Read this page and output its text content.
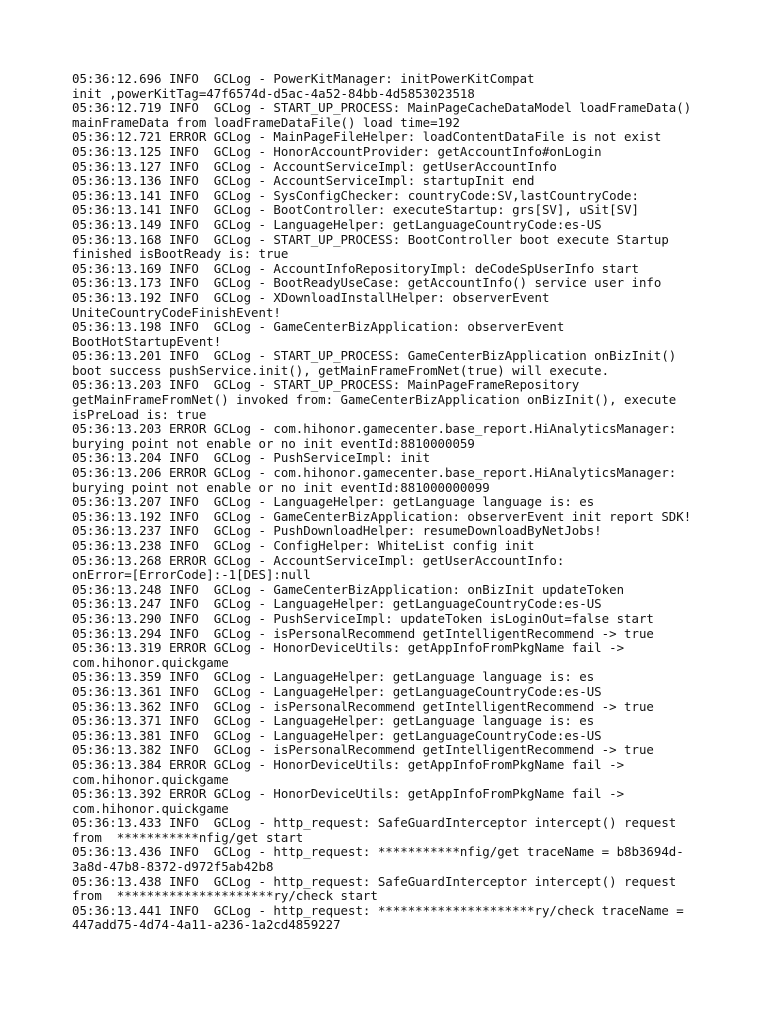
05:36:12.696 INFO  GCLog - PowerKitManager: initPowerKitCompat
init ,powerKitTag=47f6574d-d5ac-4a52-84bb-4d5853023518
05:36:12.719 INFO  GCLog - START_UP_PROCESS: MainPageCacheDataModel loadFrameData()
mainFrameData from loadFrameDataFile() load time=192
05:36:12.721 ERROR GCLog - MainPageFileHelper: loadContentDataFile is not exist
05:36:13.125 INFO  GCLog - HonorAccountProvider: getAccountInfo#onLogin
05:36:13.127 INFO  GCLog - AccountServiceImpl: getUserAccountInfo
05:36:13.136 INFO  GCLog - AccountServiceImpl: startupInit end
05:36:13.141 INFO  GCLog - SysConfigChecker: countryCode:SV,lastCountryCode:
05:36:13.141 INFO  GCLog - BootController: executeStartup: grs[SV], uSit[SV]
05:36:13.149 INFO  GCLog - LanguageHelper: getLanguageCountryCode:es-US
05:36:13.168 INFO  GCLog - START_UP_PROCESS: BootController boot execute Startup
finished isBootReady is: true
05:36:13.169 INFO  GCLog - AccountInfoRepositoryImpl: deCodeSpUserInfo start
05:36:13.173 INFO  GCLog - BootReadyUseCase: getAccountInfo() service user info
05:36:13.192 INFO  GCLog - XDownloadInstallHelper: observerEvent
UniteCountryCodeFinishEvent!
05:36:13.198 INFO  GCLog - GameCenterBizApplication: observerEvent
BootHotStartupEvent!
05:36:13.201 INFO  GCLog - START_UP_PROCESS: GameCenterBizApplication onBizInit()
boot success pushService.init(), getMainFrameFromNet(true) will execute.
05:36:13.203 INFO  GCLog - START_UP_PROCESS: MainPageFrameRepository
getMainFrameFromNet() invoked from: GameCenterBizApplication onBizInit(), execute
isPreLoad is: true
05:36:13.203 ERROR GCLog - com.hihonor.gamecenter.base_report.HiAnalyticsManager:
burying point not enable or no init eventId:8810000059
05:36:13.204 INFO  GCLog - PushServiceImpl: init
05:36:13.206 ERROR GCLog - com.hihonor.gamecenter.base_report.HiAnalyticsManager:
burying point not enable or no init eventId:881000000099
05:36:13.207 INFO  GCLog - LanguageHelper: getLanguage language is: es
05:36:13.192 INFO  GCLog - GameCenterBizApplication: observerEvent init report SDK!
05:36:13.237 INFO  GCLog - PushDownloadHelper: resumeDownloadByNetJobs!
05:36:13.238 INFO  GCLog - ConfigHelper: WhiteList config init
05:36:13.268 ERROR GCLog - AccountServiceImpl: getUserAccountInfo:
onError=[ErrorCode]:-1[DES]:null
05:36:13.248 INFO  GCLog - GameCenterBizApplication: onBizInit updateToken
05:36:13.247 INFO  GCLog - LanguageHelper: getLanguageCountryCode:es-US
05:36:13.290 INFO  GCLog - PushServiceImpl: updateToken isLoginOut=false start
05:36:13.294 INFO  GCLog - isPersonalRecommend getIntelligentRecommend -> true
05:36:13.319 ERROR GCLog - HonorDeviceUtils: getAppInfoFromPkgName fail ->
com.hihonor.quickgame
05:36:13.359 INFO  GCLog - LanguageHelper: getLanguage language is: es
05:36:13.361 INFO  GCLog - LanguageHelper: getLanguageCountryCode:es-US
05:36:13.362 INFO  GCLog - isPersonalRecommend getIntelligentRecommend -> true
05:36:13.371 INFO  GCLog - LanguageHelper: getLanguage language is: es
05:36:13.381 INFO  GCLog - LanguageHelper: getLanguageCountryCode:es-US
05:36:13.382 INFO  GCLog - isPersonalRecommend getIntelligentRecommend -> true
05:36:13.384 ERROR GCLog - HonorDeviceUtils: getAppInfoFromPkgName fail ->
com.hihonor.quickgame
05:36:13.392 ERROR GCLog - HonorDeviceUtils: getAppInfoFromPkgName fail ->
com.hihonor.quickgame
05:36:13.433 INFO  GCLog - http_request: SafeGuardInterceptor intercept() request
from  ***********nfig/get start
05:36:13.436 INFO  GCLog - http_request: ***********nfig/get traceName = b8b3694d-
3a8d-47b8-8372-d972f5ab42b8
05:36:13.438 INFO  GCLog - http_request: SafeGuardInterceptor intercept() request
from  *********************ry/check start
05:36:13.441 INFO  GCLog - http_request: *********************ry/check traceName =
447add75-4d74-4a11-a236-1a2cd4859227
